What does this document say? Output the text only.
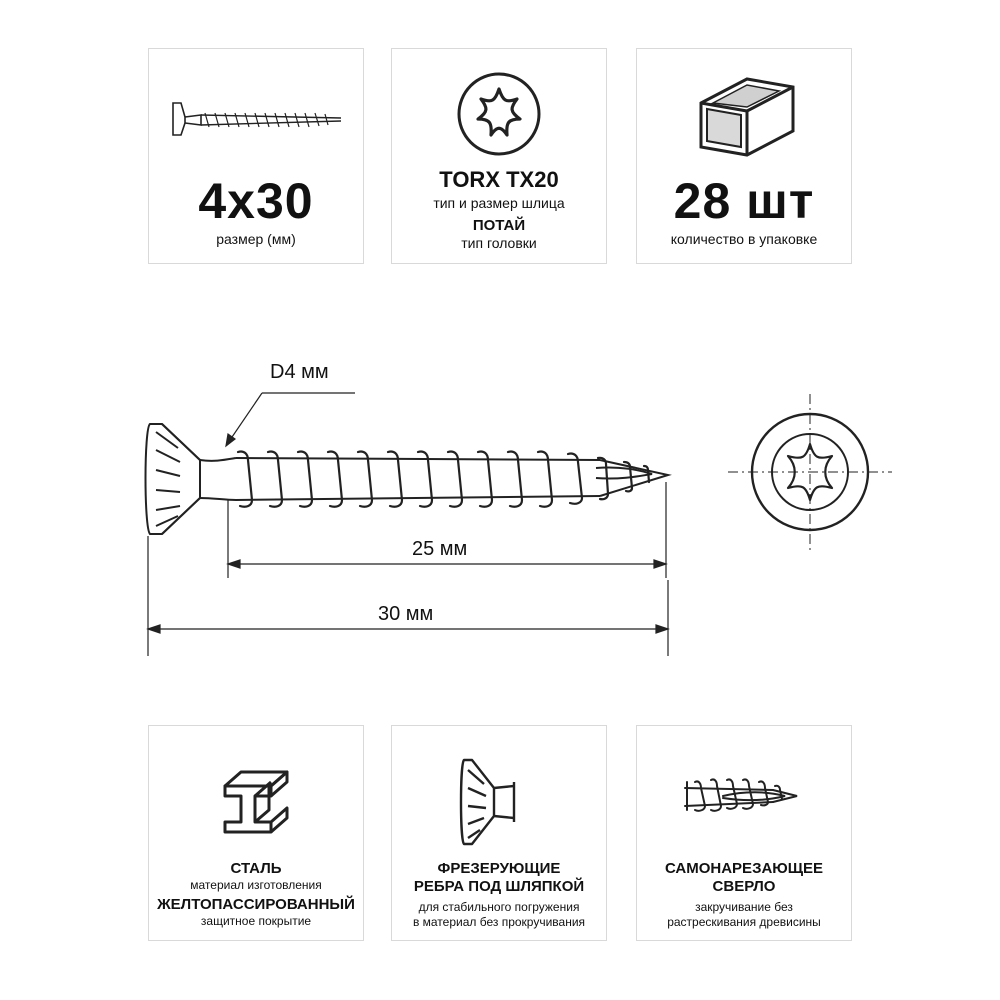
4x30
размер (мм)
TORX TX20
тип и размер шлица
ПОТАЙ
тип головки
28 шт
количество в упаковке
D4 мм
25 мм
30 мм
СТАЛЬ
материал изготовления
ЖЕЛТОПАССИРОВАННЫЙ
защитное покрытие
ФРЕЗЕРУЮЩИЕ
РЕБРА ПОД ШЛЯПКОЙ
для стабильного погружения
в материал без прокручивания
САМОНАРЕЗАЮЩЕЕ
СВЕРЛО
закручивание без
растрескивания древисины
